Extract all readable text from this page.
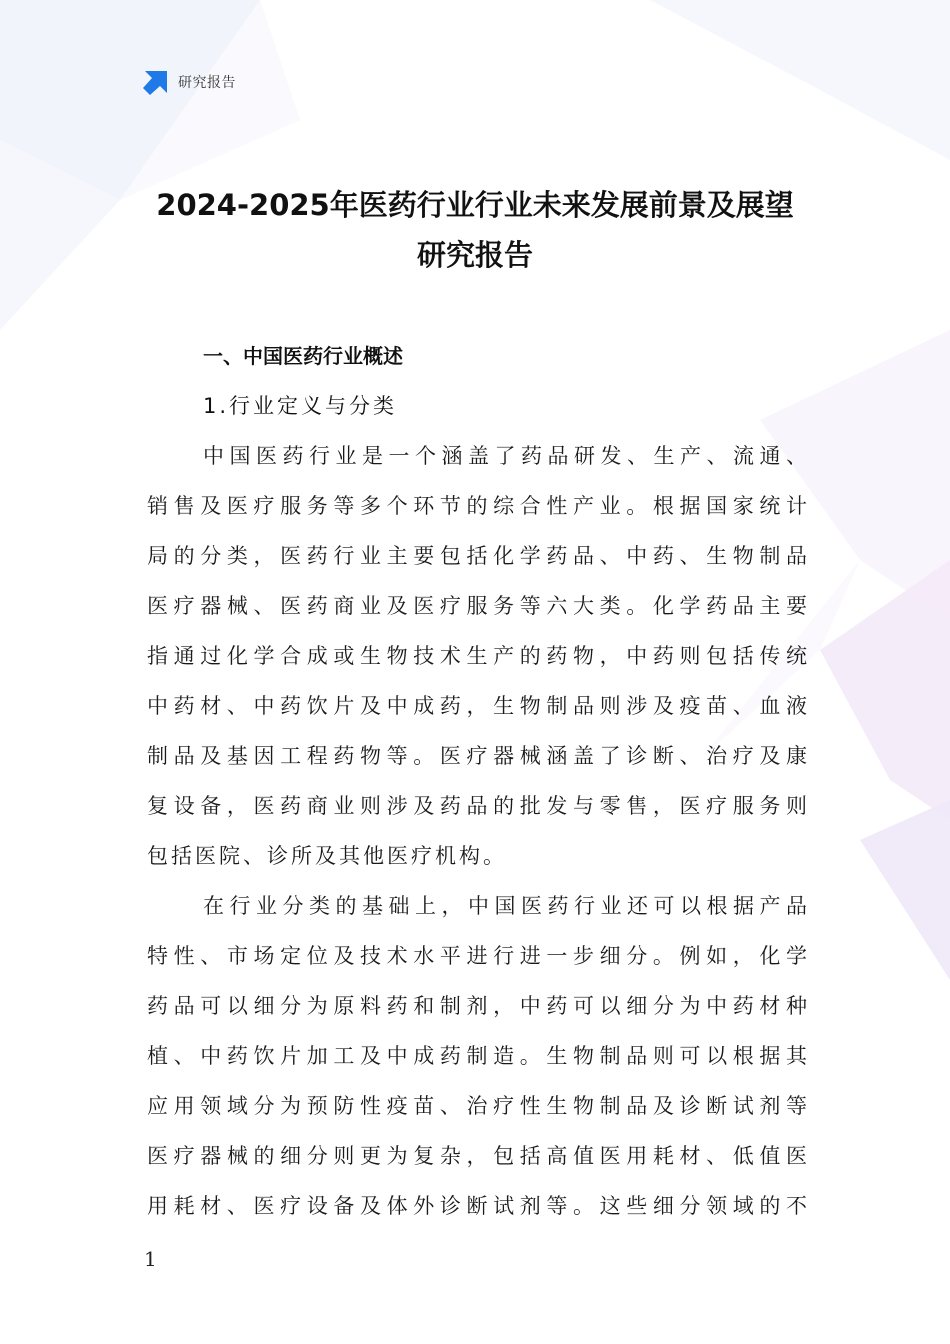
研究报告
2024-2025年医药行业行业未来发展前景及展望
研究报告
一、中国医药行业概述
1.行业定义与分类
中国医药行业是一个涵盖了药品研发、生产、流通、
销售及医疗服务等多个环节的综合性产业。根据国家统计
局的分类，医药行业主要包括化学药品、中药、生物制品
医疗器械、医药商业及医疗服务等六大类。化学药品主要
指通过化学合成或生物技术生产的药物，中药则包括传统
中药材、中药饮片及中成药，生物制品则涉及疫苗、血液
制品及基因工程药物等。医疗器械涵盖了诊断、治疗及康
复设备，医药商业则涉及药品的批发与零售，医疗服务则
包括医院、诊所及其他医疗机构。
在行业分类的基础上，中国医药行业还可以根据产品
特性、市场定位及技术水平进行进一步细分。例如，化学
药品可以细分为原料药和制剂，中药可以细分为中药材种
植、中药饮片加工及中成药制造。生物制品则可以根据其
应用领域分为预防性疫苗、治疗性生物制品及诊断试剂等
医疗器械的细分则更为复杂，包括高值医用耗材、低值医
用耗材、医疗设备及体外诊断试剂等。这些细分领域的不
1
